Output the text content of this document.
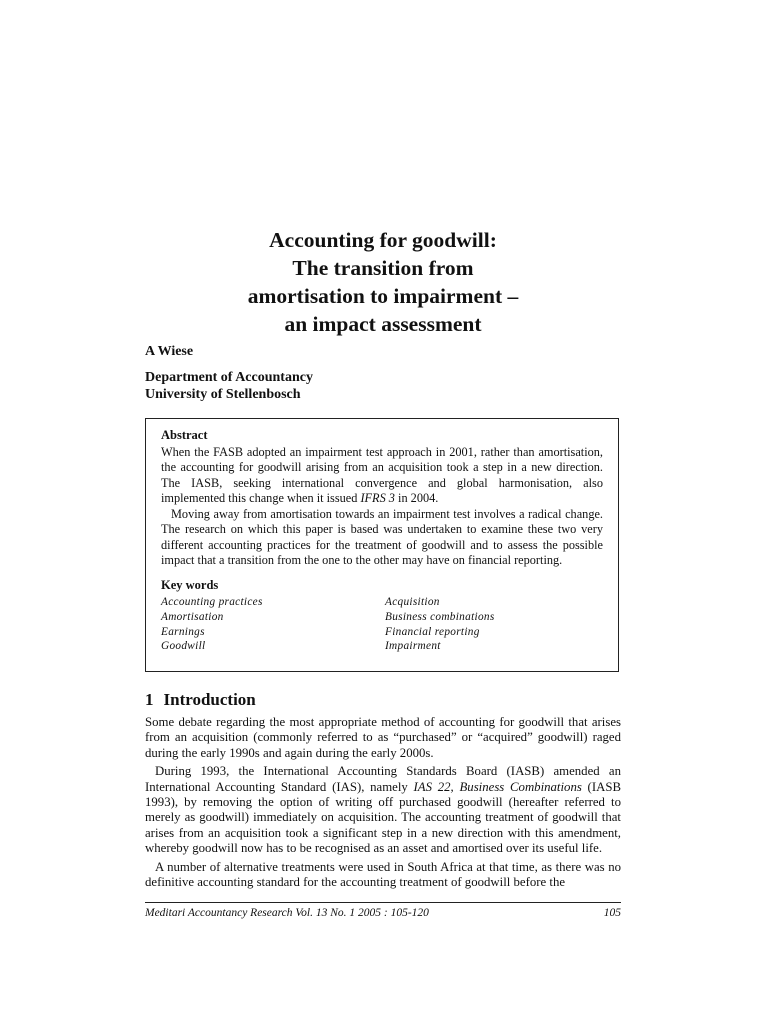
Accounting for goodwill:
The transition from
amortisation to impairment –
an impact assessment

A Wiese

Department of Accountancy
University of Stellenbosch

Abstract

When the FASB adopted an impairment test approach in 2001, rather than amortisation, the accounting for goodwill arising from an acquisition took a step in a new direction. The IASB, seeking international convergence and global harmonisation, also implemented this change when it issued IFRS 3 in 2004.

Moving away from amortisation towards an impairment test involves a radical change. The research on which this paper is based was undertaken to examine these two very different accounting practices for the treatment of goodwill and to assess the possible impact that a transition from the one to the other may have on financial reporting.

Key words

Accounting practices	Acquisition
Amortisation	Business combinations
Earnings	Financial reporting
Goodwill	Impairment
1 Introduction

Some debate regarding the most appropriate method of accounting for goodwill that arises from an acquisition (commonly referred to as “purchased” or “acquired” goodwill) raged during the early 1990s and again during the early 2000s.

During 1993, the International Accounting Standards Board (IASB) amended an International Accounting Standard (IAS), namely IAS 22, Business Combinations (IASB 1993), by removing the option of writing off purchased goodwill (hereafter referred to merely as goodwill) immediately on acquisition. The accounting treatment of goodwill that arises from an acquisition took a significant step in a new direction with this amendment, whereby goodwill now has to be recognised as an asset and amortised over its useful life.

A number of alternative treatments were used in South Africa at that time, as there was no definitive accounting standard for the accounting treatment of goodwill before the

Meditari Accountancy Research Vol. 13 No. 1 2005 : 105-120	105
